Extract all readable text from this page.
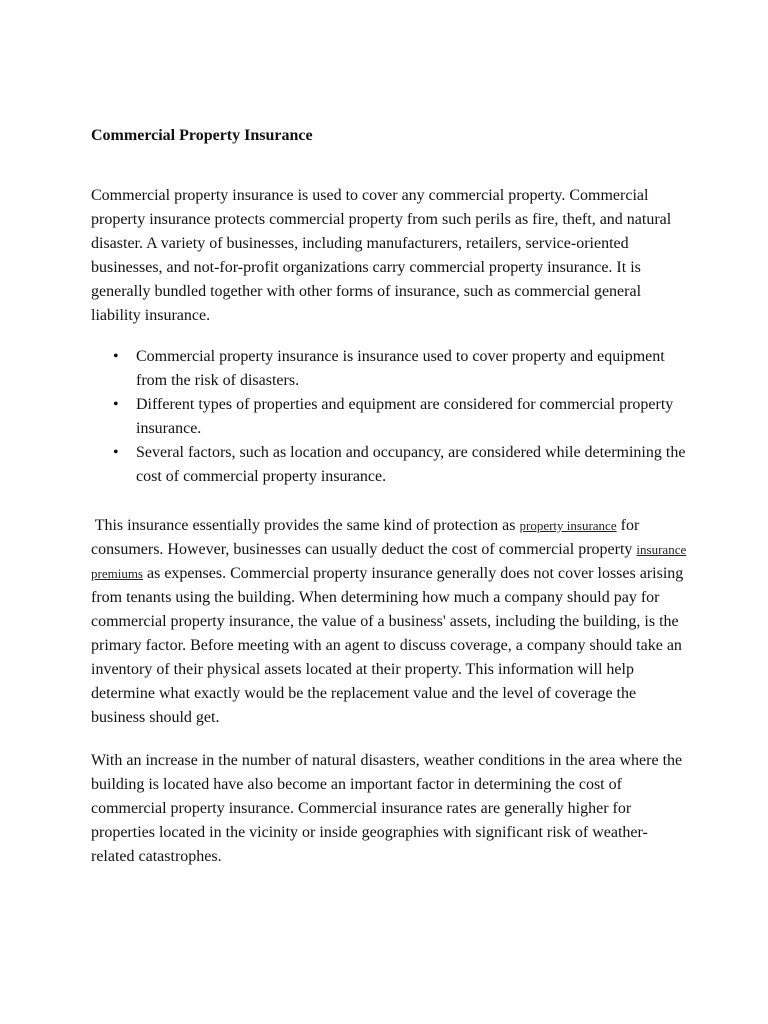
Commercial Property Insurance

Commercial property insurance is used to cover any commercial property. Commercial property insurance protects commercial property from such perils as fire, theft, and natural disaster. A variety of businesses, including manufacturers, retailers, service-oriented businesses, and not-for-profit organizations carry commercial property insurance. It is generally bundled together with other forms of insurance, such as commercial general liability insurance.

• Commercial property insurance is insurance used to cover property and equipment from the risk of disasters.
• Different types of properties and equipment are considered for commercial property insurance.
• Several factors, such as location and occupancy, are considered while determining the cost of commercial property insurance.

This insurance essentially provides the same kind of protection as property insurance for consumers. However, businesses can usually deduct the cost of commercial property insurance premiums as expenses. Commercial property insurance generally does not cover losses arising from tenants using the building. When determining how much a company should pay for commercial property insurance, the value of a business' assets, including the building, is the primary factor. Before meeting with an agent to discuss coverage, a company should take an inventory of their physical assets located at their property. This information will help determine what exactly would be the replacement value and the level of coverage the business should get.

With an increase in the number of natural disasters, weather conditions in the area where the building is located have also become an important factor in determining the cost of commercial property insurance. Commercial insurance rates are generally higher for properties located in the vicinity or inside geographies with significant risk of weather-related catastrophes.
